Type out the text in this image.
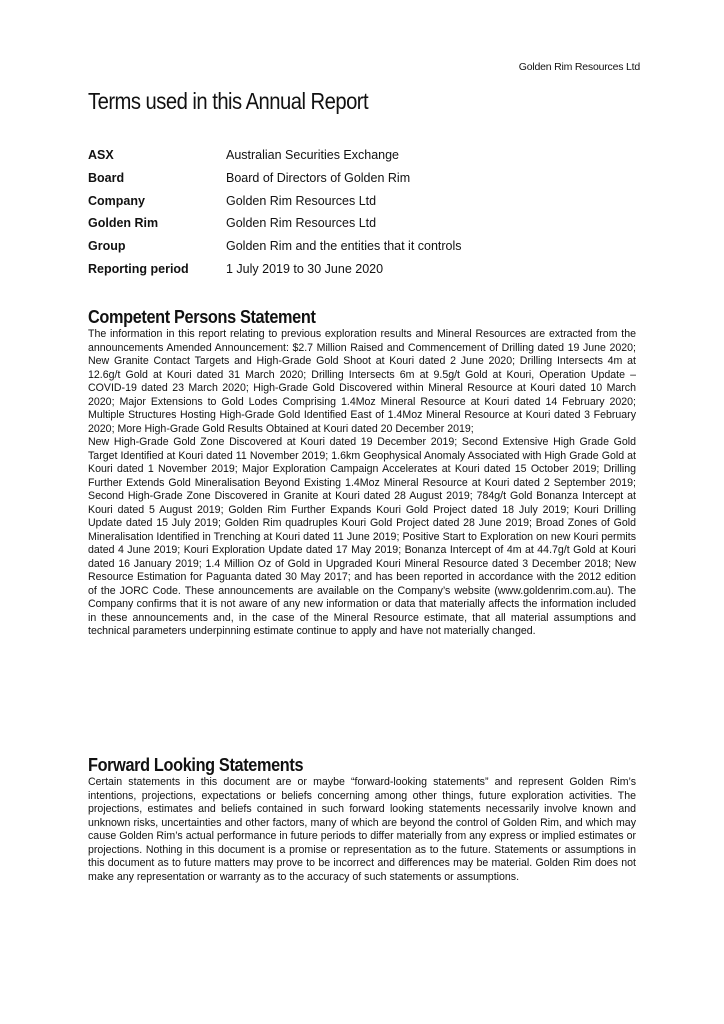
Golden Rim Resources Ltd
Terms used in this Annual Report
ASX	Australian Securities Exchange
Board	Board of Directors of Golden Rim
Company	Golden Rim Resources Ltd
Golden Rim	Golden Rim Resources Ltd
Group	Golden Rim and the entities that it controls
Reporting period	1 July 2019 to 30 June 2020
Competent Persons Statement

The information in this report relating to previous exploration results and Mineral Resources are extracted from the announcements Amended Announcement: $2.7 Million Raised and Commencement of Drilling dated 19 June 2020; New Granite Contact Targets and High-Grade Gold Shoot at Kouri dated 2 June 2020; Drilling Intersects 4m at 12.6g/t Gold at Kouri dated 31 March 2020; Drilling Intersects 6m at 9.5g/t Gold at Kouri, Operation Update – COVID-19 dated 23 March 2020; High-Grade Gold Discovered within Mineral Resource at Kouri dated 10 March 2020; Major Extensions to Gold Lodes Comprising 1.4Moz Mineral Resource at Kouri dated 14 February 2020; Multiple Structures Hosting High-Grade Gold Identified East of 1.4Moz Mineral Resource at Kouri dated 3 February 2020; More High-Grade Gold Results Obtained at Kouri dated 20 December 2019;

New High-Grade Gold Zone Discovered at Kouri dated 19 December 2019; Second Extensive High Grade Gold Target Identified at Kouri dated 11 November 2019; 1.6km Geophysical Anomaly Associated with High Grade Gold at Kouri dated 1 November 2019; Major Exploration Campaign Accelerates at Kouri dated 15 October 2019; Drilling Further Extends Gold Mineralisation Beyond Existing 1.4Moz Mineral Resource at Kouri dated 2 September 2019; Second High-Grade Zone Discovered in Granite at Kouri dated 28 August 2019; 784g/t Gold Bonanza Intercept at Kouri dated 5 August 2019; Golden Rim Further Expands Kouri Gold Project dated 18 July 2019; Kouri Drilling Update dated 15 July 2019; Golden Rim quadruples Kouri Gold Project dated 28 June 2019; Broad Zones of Gold Mineralisation Identified in Trenching at Kouri dated 11 June 2019; Positive Start to Exploration on new Kouri permits dated 4 June 2019; Kouri Exploration Update dated 17 May 2019; Bonanza Intercept of 4m at 44.7g/t Gold at Kouri dated 16 January 2019; 1.4 Million Oz of Gold in Upgraded Kouri Mineral Resource dated 3 December 2018; New Resource Estimation for Paguanta dated 30 May 2017; and has been reported in accordance with the 2012 edition of the JORC Code. These announcements are available on the Company’s website (www.goldenrim.com.au). The Company confirms that it is not aware of any new information or data that materially affects the information included in these announcements and, in the case of the Mineral Resource estimate, that all material assumptions and technical parameters underpinning estimate continue to apply and have not materially changed.

Forward Looking Statements

Certain statements in this document are or maybe “forward-looking statements” and represent Golden Rim’s intentions, projections, expectations or beliefs concerning among other things, future exploration activities. The projections, estimates and beliefs contained in such forward looking statements necessarily involve known and unknown risks, uncertainties and other factors, many of which are beyond the control of Golden Rim, and which may cause Golden Rim’s actual performance in future periods to differ materially from any express or implied estimates or projections. Nothing in this document is a promise or representation as to the future. Statements or assumptions in this document as to future matters may prove to be incorrect and differences may be material. Golden Rim does not make any representation or warranty as to the accuracy of such statements or assumptions.
